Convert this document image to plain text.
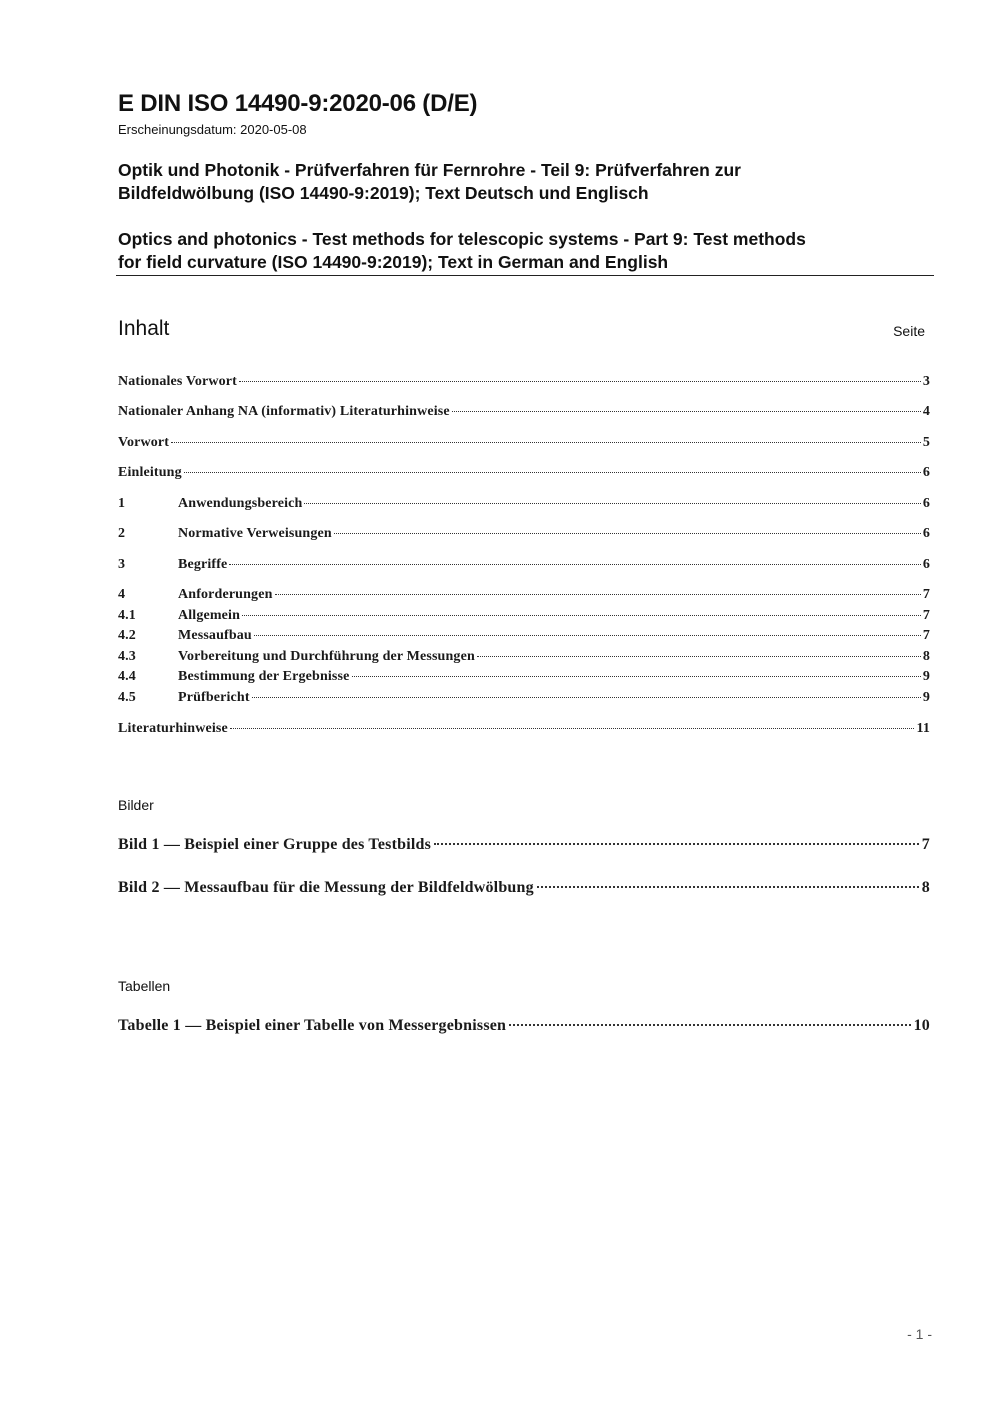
E DIN ISO 14490-9:2020-06 (D/E)
Erscheinungsdatum: 2020-05-08
Optik und Photonik - Prüfverfahren für Fernrohre - Teil 9: Prüfverfahren zur
Bildfeldwölbung (ISO 14490-9:2019); Text Deutsch und Englisch
Optics and photonics - Test methods for telescopic systems - Part 9: Test methods
for field curvature (ISO 14490-9:2019); Text in German and English
Inhalt	Seite
Nationales Vorwort	3
Nationaler Anhang NA (informativ) Literaturhinweise	4
Vorwort	5
Einleitung	6
1	Anwendungsbereich	6
2	Normative Verweisungen	6
3	Begriffe	6
4	Anforderungen	7
4.1	Allgemein	7
4.2	Messaufbau	7
4.3	Vorbereitung und Durchführung der Messungen	8
4.4	Bestimmung der Ergebnisse	9
4.5	Prüfbericht	9
Literaturhinweise	11
Bilder
Bild 1 — Beispiel einer Gruppe des Testbilds	7
Bild 2 — Messaufbau für die Messung der Bildfeldwölbung	8
Tabellen
Tabelle 1 — Beispiel einer Tabelle von Messergebnissen	10
- 1 -
